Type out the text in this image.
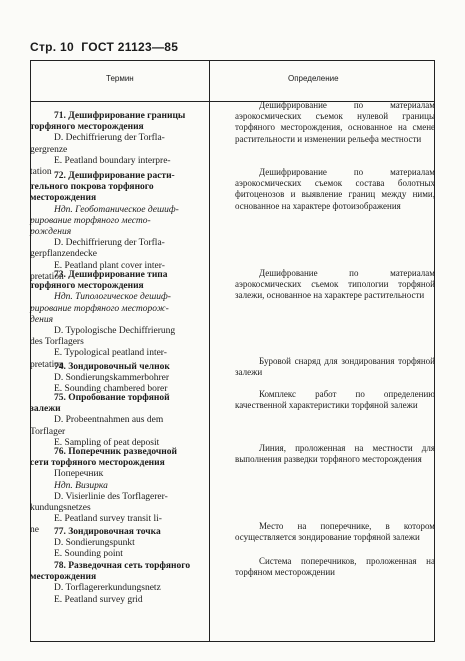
Стр. 10 ГОСТ 21123—85
Термин	Определение
71. Дешифрирование границы
торфяного месторождения
D. Dechiffrierung der Torfla-
gergrenze
E. Peatland boundary interpre-
tation
Дешифрирование по материалам аэрокосмических съемок нулевой границы торфяного месторождения, основанное на смене растительности и изменении рельефа местности
72. Дешифрирование расти-
тельного покрова торфяного месторождения
Ндп. Геоботаническое дешиф-
рирование торфяного место-
рождения
D. Dechiffrierung der Torfla-
gerpflanzendecke
E. Peatland plant cover inter-
pretation
Дешифрирование по материалам аэрокосмических съемок состава болотных фитоценозов и выявление границ между ними, основанное на характере фотоизображения
73. Дешифрирование типа
торфяного месторождения
Ндп. Типологическое дешиф-
рирование торфяного месторож-
дения
D. Typologische Dechiffrierung
des Torflagers
E. Typological peatland inter-
pretation
Дешифрование по материалам аэрокосмических съемок типологии торфяной залежи, основанное на характере растительности
74. Зондировочный челнок
D. Sondierungskammerbohrer
E. Sounding chambered borer
Буровой снаряд для зондирования торфяной залежи
75. Опробование торфяной
залежи
D. Probeentnahmen aus dem
Torflager
E. Sampling of peat deposit
Комплекс работ по определению качественной характеристики торфяной залежи
76. Поперечник разведочной
сети торфяного месторождения
Поперечник
Ндп. Визирка
D. Visierlinie des Torflagerer-
kundungsnetzes
E. Peatland survey transit li-
ne
Линия, проложенная на местности для выполнения разведки торфяного месторождения
77. Зондировочная точка
D. Sondierungspunkt
E. Sounding point
Место на поперечнике, в котором осуществляется зондирование торфяной залежи
78. Разведочная сеть торфяного
месторождения
D. Torflagererkundungsnetz
E. Peatland survey grid
Система поперечников, проложенная на торфяном месторождении
